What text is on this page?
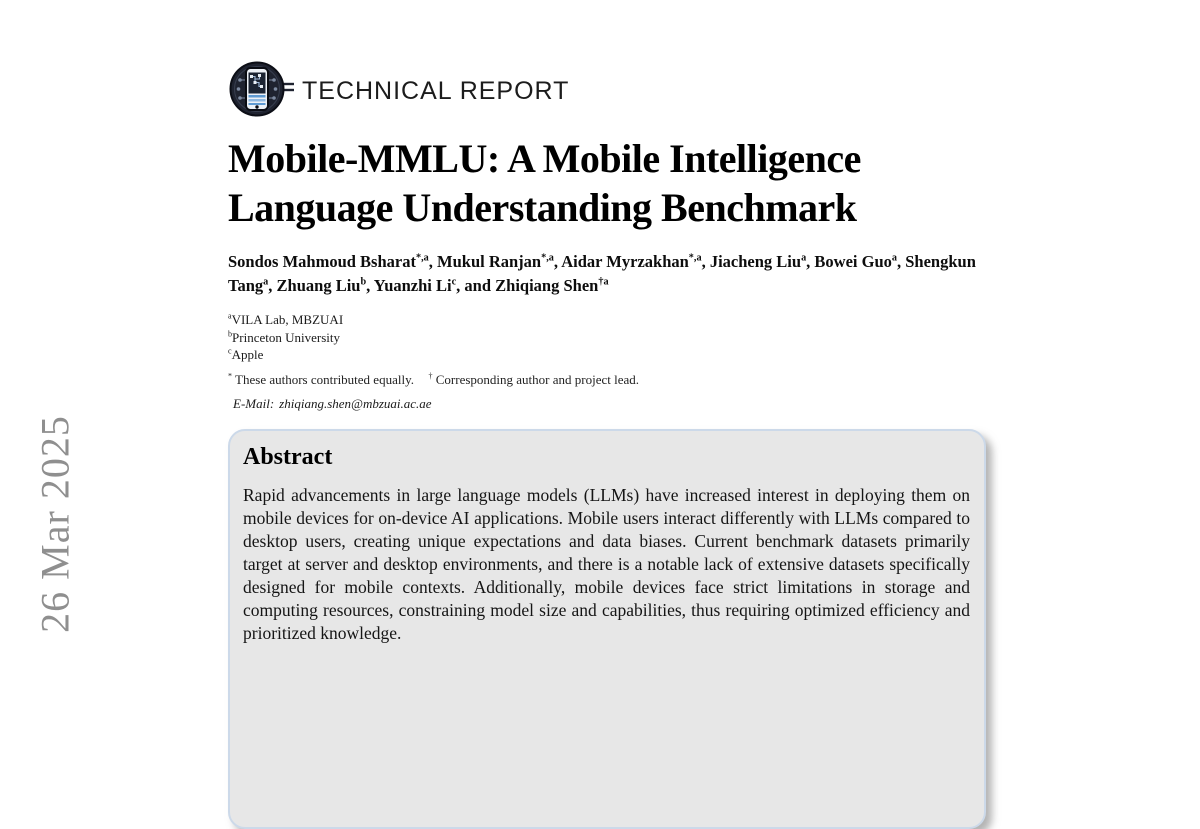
26 Mar 2025
TECHNICAL REPORT
Mobile-MMLU: A Mobile Intelligence
Language Understanding Benchmark
Sondos Mahmoud Bsharat$^{*,a}$, Mukul Ranjan$^{*,a}$, Aidar Myrzakhan$^{*,a}$, Jiacheng Liu$^a$, Bowei Guo$^a$, Shengkun Tang$^a$, Zhuang Liu$^b$, Yuanzhi Li$^c$, and Zhiqiang Shen$^{\dagger a}$
$^a$VILA Lab, MBZUAI
$^b$Princeton University
$^c$Apple
* These authors contributed equally. † Corresponding author and project lead.
E-Mail: zhiqiang.shen@mbzuai.ac.ae
Abstract
Rapid advancements in large language models (LLMs) have increased interest in deploying them on mobile devices for on-device AI applications. Mobile users interact differently with LLMs compared to desktop users, creating unique expectations and data biases. Current benchmark datasets primarily target at server and desktop environments, and there is a notable lack of extensive datasets specifically designed for mobile contexts. Additionally, mobile devices face strict limitations in storage and computing resources, constraining model size and capabilities, thus requiring optimized efficiency and prioritized knowledge.
